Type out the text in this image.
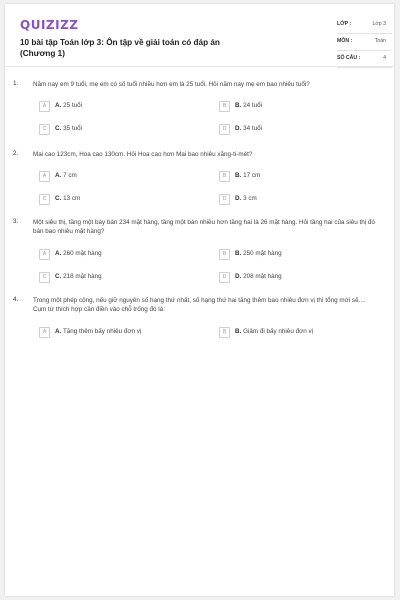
QUIZIZZ
10 bài tập Toán lớp 3: Ôn tập về giải toán có đáp án (Chương 1)
LỚP :	Lớp 3
MÔN :	Toán
SỐ CÂU :	4
1. Năm nay em 9 tuổi, mẹ em có số tuổi nhiều hơn em là 25 tuổi. Hỏi năm nay mẹ em bao nhiêu tuổi?
A	A. 25 tuổi	B	B. 24 tuổi
C	C. 35 tuổi	D	D. 34 tuổi
2. Mai cao 123cm, Hoa cao 130cm. Hỏi Hoa cao hơn Mai bao nhiêu xăng-ti-mét?
A	A. 7 cm	B	B. 17 cm
C	C. 13 cm	D	D. 3 cm
3. Một siêu thị, tầng một bày bán 234 mặt hàng, tầng một bán nhiều hơn tầng hai là 26 mặt hàng. Hỏi tầng hai của siêu thị đó bán bao nhiêu mặt hàng?
A	A. 260 mặt hàng	B	B. 250 mặt hàng
C	C. 218 mặt hàng	D	D. 208 mặt hàng
4. Trong một phép cộng, nếu giữ nguyên số hạng thứ nhất, số hạng thứ hai tăng thêm bao nhiêu đơn vị thì tổng mới sẽ.... Cụm từ thích hợp cần điền vào chỗ trống đó là:
A	A. Tăng thêm bấy nhiêu đơn vị	B	B. Giảm đi bấy nhiêu đơn vị
